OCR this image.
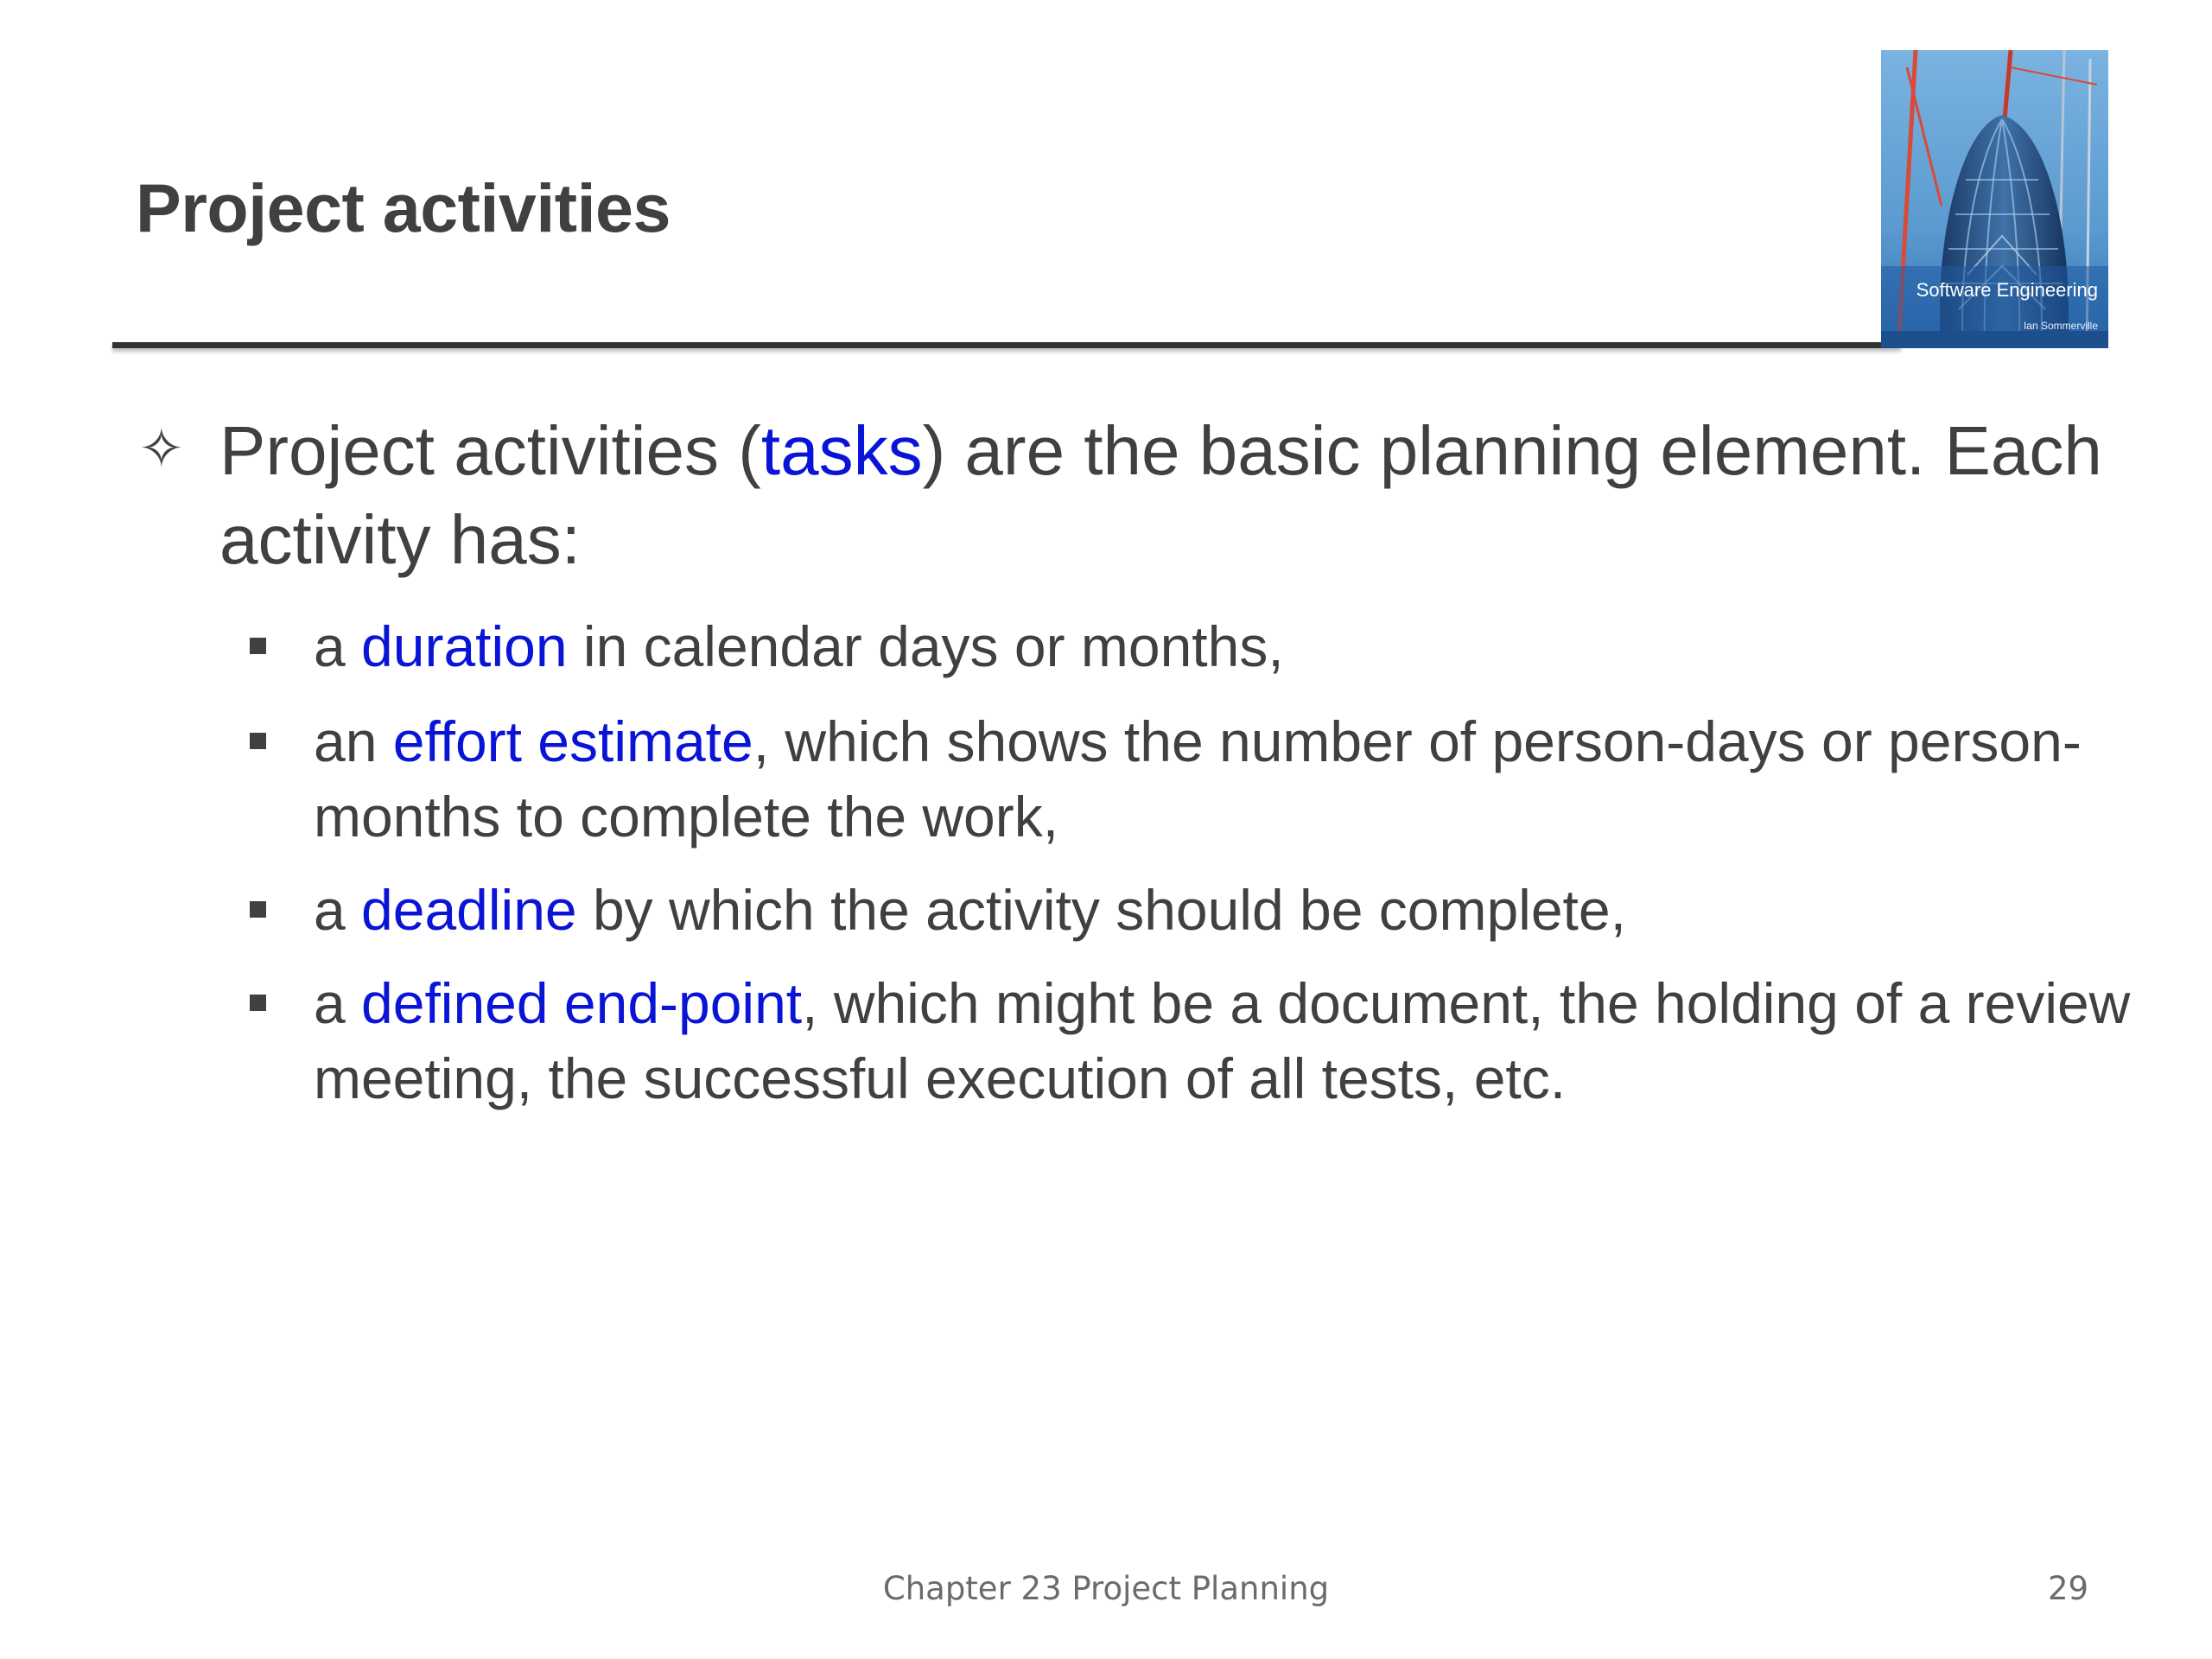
Project activities
Software Engineering
Ian Sommerville
✧ Project activities (tasks) are the basic planning element. Each activity has:
a duration in calendar days or months,
an effort estimate, which shows the number of person-days or person-months to complete the work,
a deadline by which the activity should be complete,
a defined end-point, which might be a document, the holding of a review meeting, the successful execution of all tests, etc.
Chapter 23 Project Planning	29
